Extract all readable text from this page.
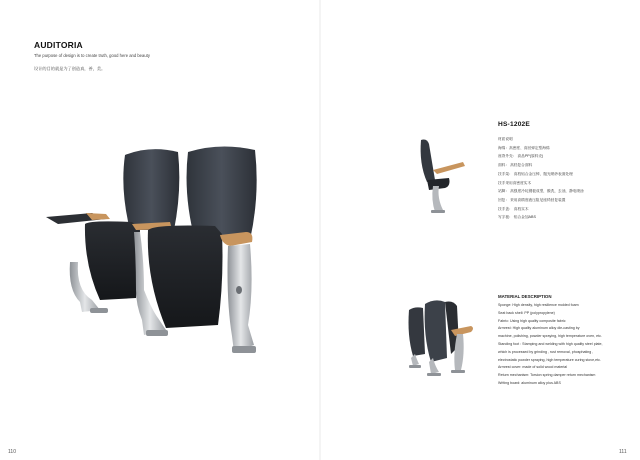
AUDITORIA
The purpose of design is to create truth, good here and beauty
设计的目的就是为了创造真，善，美。
110
HS-1202E
材质说明
海绵：高密度、高回弹定型海绵
座背外壳： 高品PP(原料壳)
面料： 高档复合面料
扶手架： 高档铝合金压铸，抛光喷砂表面处理
扶手采用高密度实木
站脚： 高强度冷轧钢板成型，酸洗，去油，静电喷涂
回复： 采用高精度液压阻尼座椅回复装置
扶手盖： 高档实木
写字板： 铝合金加ABS
MATERIAL DESCRIPTION
Sponge: High density, high resilience molded foam
Seat back shell: PP (polypropylene)
Fabric: Using high quality composite fabric
Armrest: High quality aluminum alloy die-casting by
machine, polishing, powder spraying, high temperature oven, etc.
Standing foot : Stamping and welding with high quality steel plate,
which is processed by grinding , rust removal, phosphating ,
electrostatic powder spraying, high temperature curing stove,etc.
Armrest cover: made of solid wood material
Return mechanism: Torsion spring damper return mechanism
Writing board: aluminum alloy plus ABS
111
